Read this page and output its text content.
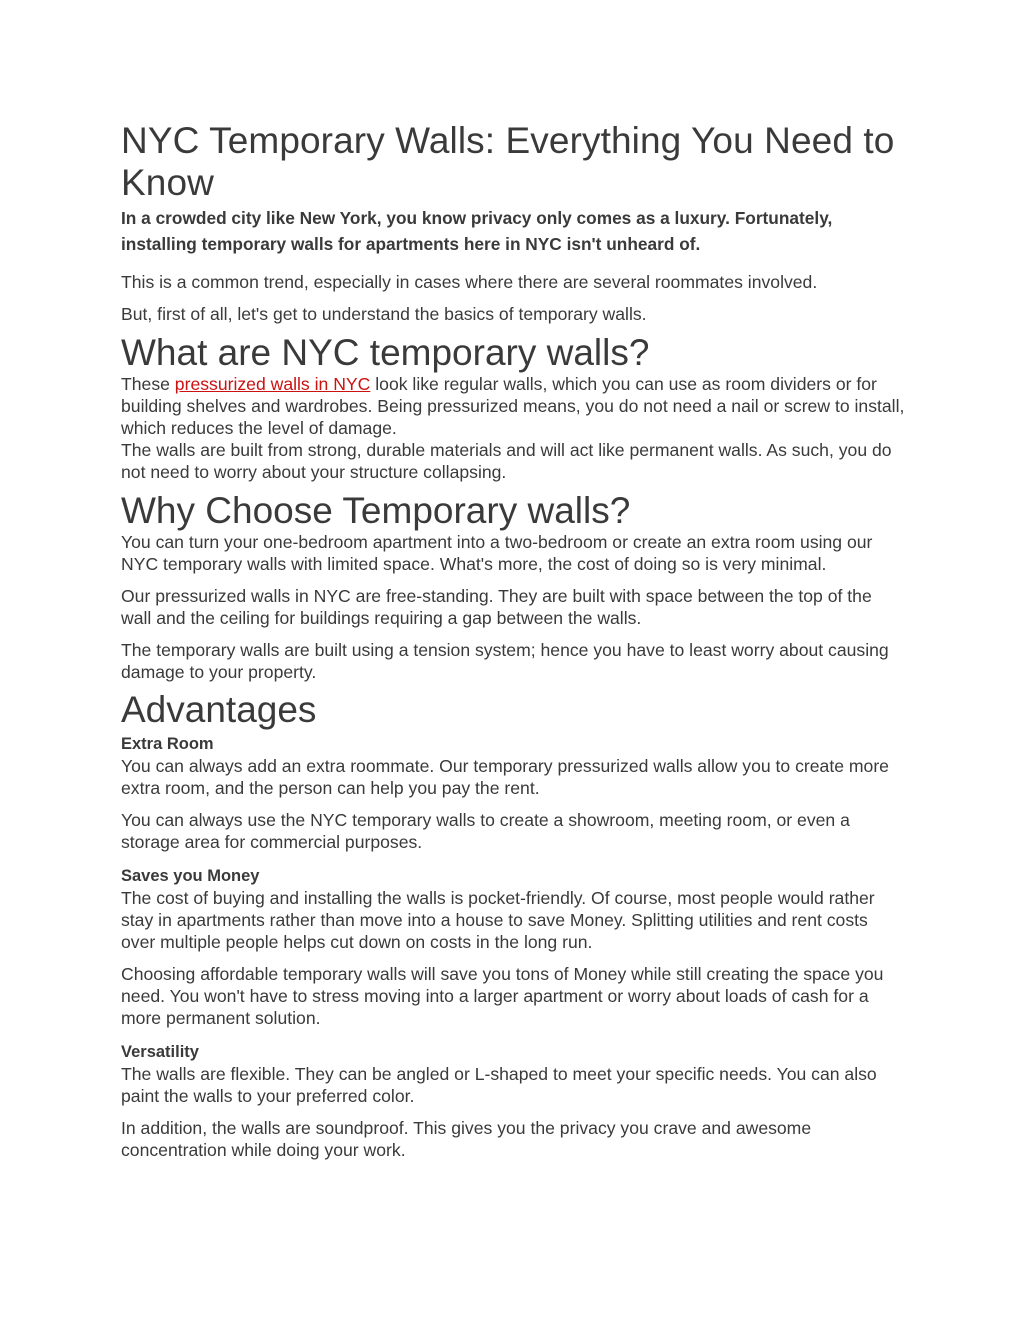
NYC Temporary Walls: Everything You Need to Know

In a crowded city like New York, you know privacy only comes as a luxury. Fortunately, installing temporary walls for apartments here in NYC isn't unheard of.

This is a common trend, especially in cases where there are several roommates involved.

But, first of all, let's get to understand the basics of temporary walls.

What are NYC temporary walls?

These pressurized walls in NYC look like regular walls, which you can use as room dividers or for building shelves and wardrobes. Being pressurized means, you do not need a nail or screw to install, which reduces the level of damage.

The walls are built from strong, durable materials and will act like permanent walls. As such, you do not need to worry about your structure collapsing.

Why Choose Temporary walls?

You can turn your one-bedroom apartment into a two-bedroom or create an extra room using our NYC temporary walls with limited space. What's more, the cost of doing so is very minimal.

Our pressurized walls in NYC are free-standing. They are built with space between the top of the wall and the ceiling for buildings requiring a gap between the walls.

The temporary walls are built using a tension system; hence you have to least worry about causing damage to your property.

Advantages
Extra Room

You can always add an extra roommate. Our temporary pressurized walls allow you to create more extra room, and the person can help you pay the rent.

You can always use the NYC temporary walls to create a showroom, meeting room, or even a storage area for commercial purposes.

Saves you Money

The cost of buying and installing the walls is pocket-friendly. Of course, most people would rather stay in apartments rather than move into a house to save Money. Splitting utilities and rent costs over multiple people helps cut down on costs in the long run.

Choosing affordable temporary walls will save you tons of Money while still creating the space you need. You won't have to stress moving into a larger apartment or worry about loads of cash for a more permanent solution.

Versatility

The walls are flexible. They can be angled or L-shaped to meet your specific needs. You can also paint the walls to your preferred color.

In addition, the walls are soundproof. This gives you the privacy you crave and awesome concentration while doing your work.
